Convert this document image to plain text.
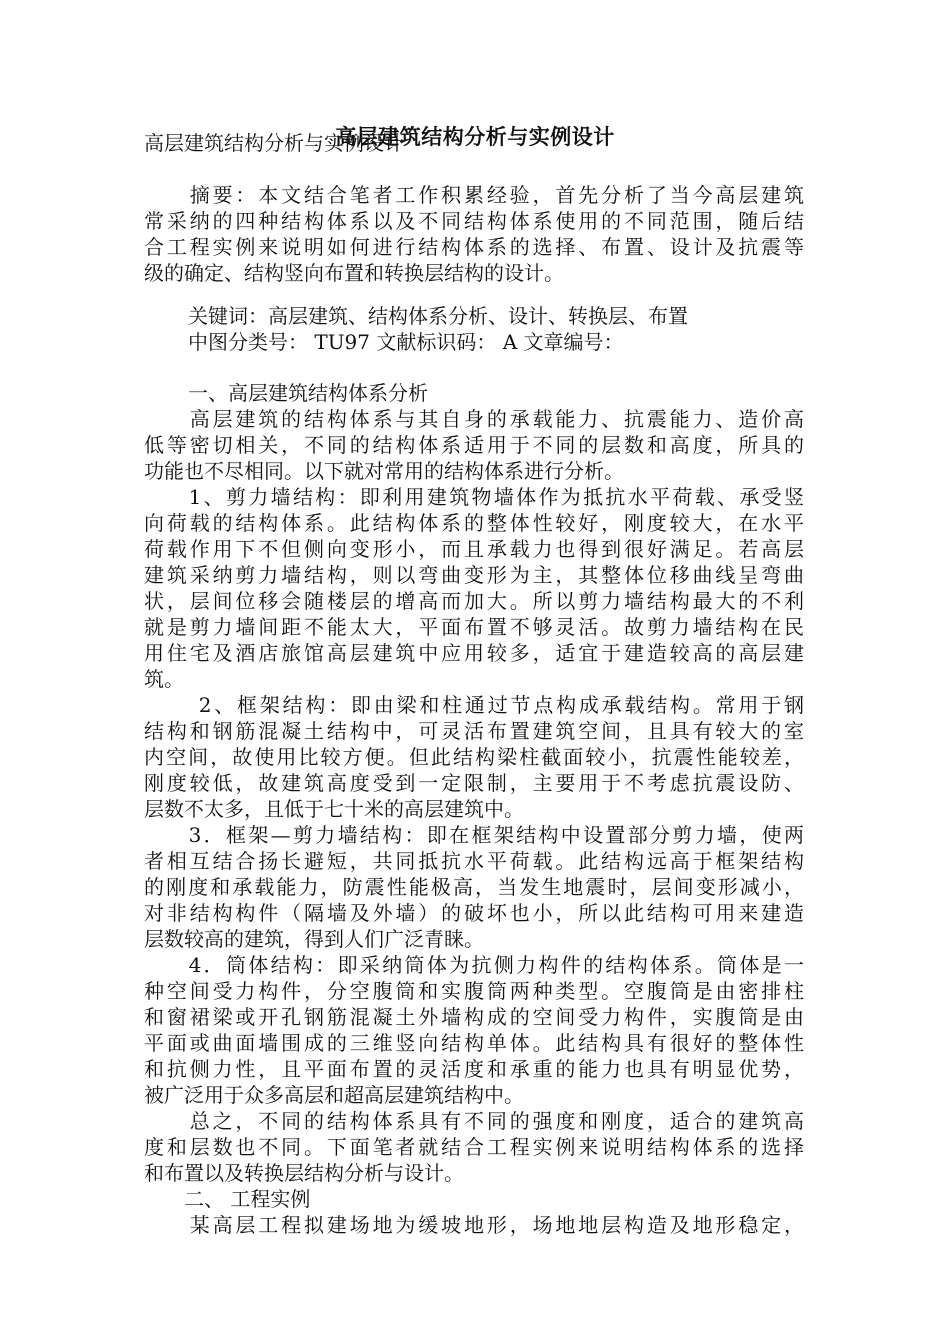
高层建筑结构分析与实例设计
高层建筑结构分析与实例设计
　　摘要：本文结合笔者工作积累经验，首先分析了当今高层建筑
常采纳的四种结构体系以及不同结构体系使用的不同范围，随后结
合工程实例来说明如何进行结构体系的选择、布置、设计及抗震等
级的确定、结构竖向布置和转换层结构的设计。
关键词：高层建筑、结构体系分析、设计、转换层、布置
中图分类号： TU97 文献标识码： A 文章编号：
一、高层建筑结构体系分析
　　高层建筑的结构体系与其自身的承载能力、抗震能力、造价高
低等密切相关，不同的结构体系适用于不同的层数和高度，所具的
功能也不尽相同。以下就对常用的结构体系进行分析。
　　1、剪力墙结构：即利用建筑物墙体作为抵抗水平荷载、承受竖
向荷载的结构体系。此结构体系的整体性较好，刚度较大，在水平
荷载作用下不但侧向变形小，而且承载力也得到很好满足。若高层
建筑采纳剪力墙结构，则以弯曲变形为主，其整体位移曲线呈弯曲
状，层间位移会随楼层的增高而加大。所以剪力墙结构最大的不利
就是剪力墙间距不能太大，平面布置不够灵活。故剪力墙结构在民
用住宅及酒店旅馆高层建筑中应用较多，适宜于建造较高的高层建
筑。
　　 2、框架结构：即由梁和柱通过节点构成承载结构。常用于钢
结构和钢筋混凝土结构中，可灵活布置建筑空间，且具有较大的室
内空间，故使用比较方便。但此结构梁柱截面较小，抗震性能较差，
刚度较低，故建筑高度受到一定限制，主要用于不考虑抗震设防、
层数不太多，且低于七十米的高层建筑中。
　　3．框架—剪力墙结构：即在框架结构中设置部分剪力墙，使两
者相互结合扬长避短，共同抵抗水平荷载。此结构远高于框架结构
的刚度和承载能力，防震性能极高，当发生地震时，层间变形减小，
对非结构构件（隔墙及外墙）的破坏也小，所以此结构可用来建造
层数较高的建筑，得到人们广泛青睐。
　　4．筒体结构：即采纳筒体为抗侧力构件的结构体系。筒体是一
种空间受力构件，分空腹筒和实腹筒两种类型。空腹筒是由密排柱
和窗裙梁或开孔钢筋混凝土外墙构成的空间受力构件，实腹筒是由
平面或曲面墙围成的三维竖向结构单体。此结构具有很好的整体性
和抗侧力性，且平面布置的灵活度和承重的能力也具有明显优势，
被广泛用于众多高层和超高层建筑结构中。
　　总之，不同的结构体系具有不同的强度和刚度，适合的建筑高
度和层数也不同。下面笔者就结合工程实例来说明结构体系的选择
和布置以及转换层结构分析与设计。
　　二、 工程实例
　　某高层工程拟建场地为缓坡地形，场地地层构造及地形稳定，
